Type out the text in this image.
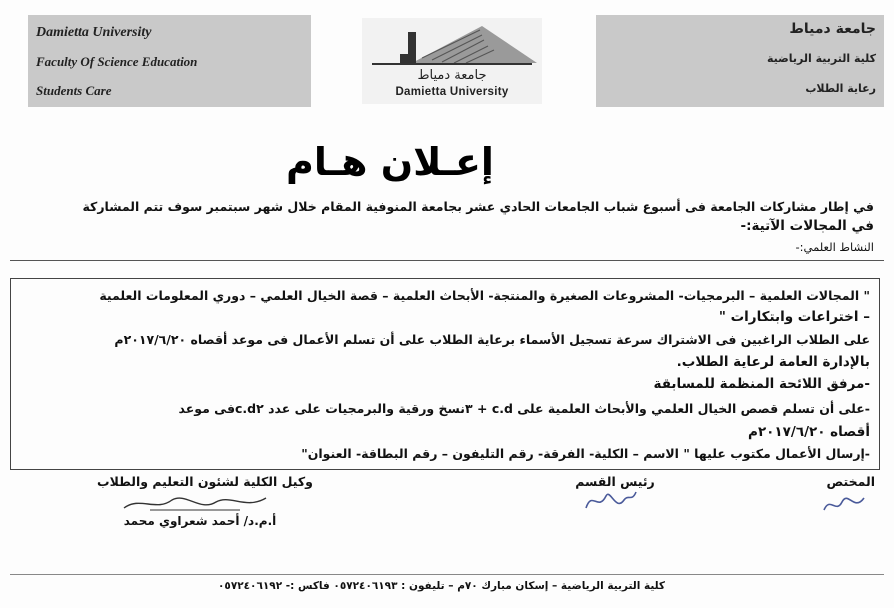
Damietta University
Faculty Of Science Education
Students Care
جامعة دمياط
Damietta University
جامعة دمياط
كلية التربية الرياضية
رعاية الطلاب
إعـلان هـام
في إطار مشاركات الجامعة فى أسبوع شباب الجامعات الحادي عشر بجامعة المنوفية المقام خلال شهر سبتمبر سوف تتم المشاركة
في المجالات الآتية:-
النشاط العلمي:-
" المجالات العلمية – البرمجيات- المشروعات الصغيرة والمنتجة- الأبحاث العلمية – قصة الخيال العلمي – دوري المعلومات العلمية
– اختراعات وابتكارات "
على الطلاب الراغبين فى الاشتراك سرعة تسجيل الأسماء برعاية الطلاب على أن تسلم الأعمال فى موعد أقصاه ٢٠١٧/٦/٢٠م
بالإدارة العامة لرعاية الطلاب.
-مرفق اللائحة المنظمة للمسابقة
-على أن تسلم قصص الخيال العلمي والأبحاث العلمية على c.d + ٣نسخ ورقية والبرمجيات على عدد c.d٢فى موعد
أقصاه ٢٠١٧/٦/٢٠م
-إرسال الأعمال مكتوب عليها " الاسم – الكلية- الفرقة- رقم التليفون – رقم البطاقة- العنوان"
المختص
رئيس القسم
وكيل الكلية لشئون التعليم والطلاب
أ.م.د/ أحمد شعراوي محمد
كلية التربية الرياضية – إسكان مبارك ٧٠م – تليفون : ٠٥٧٢٤٠٦١٩٣ فاكس :- ٠٥٧٢٤٠٦١٩٢
